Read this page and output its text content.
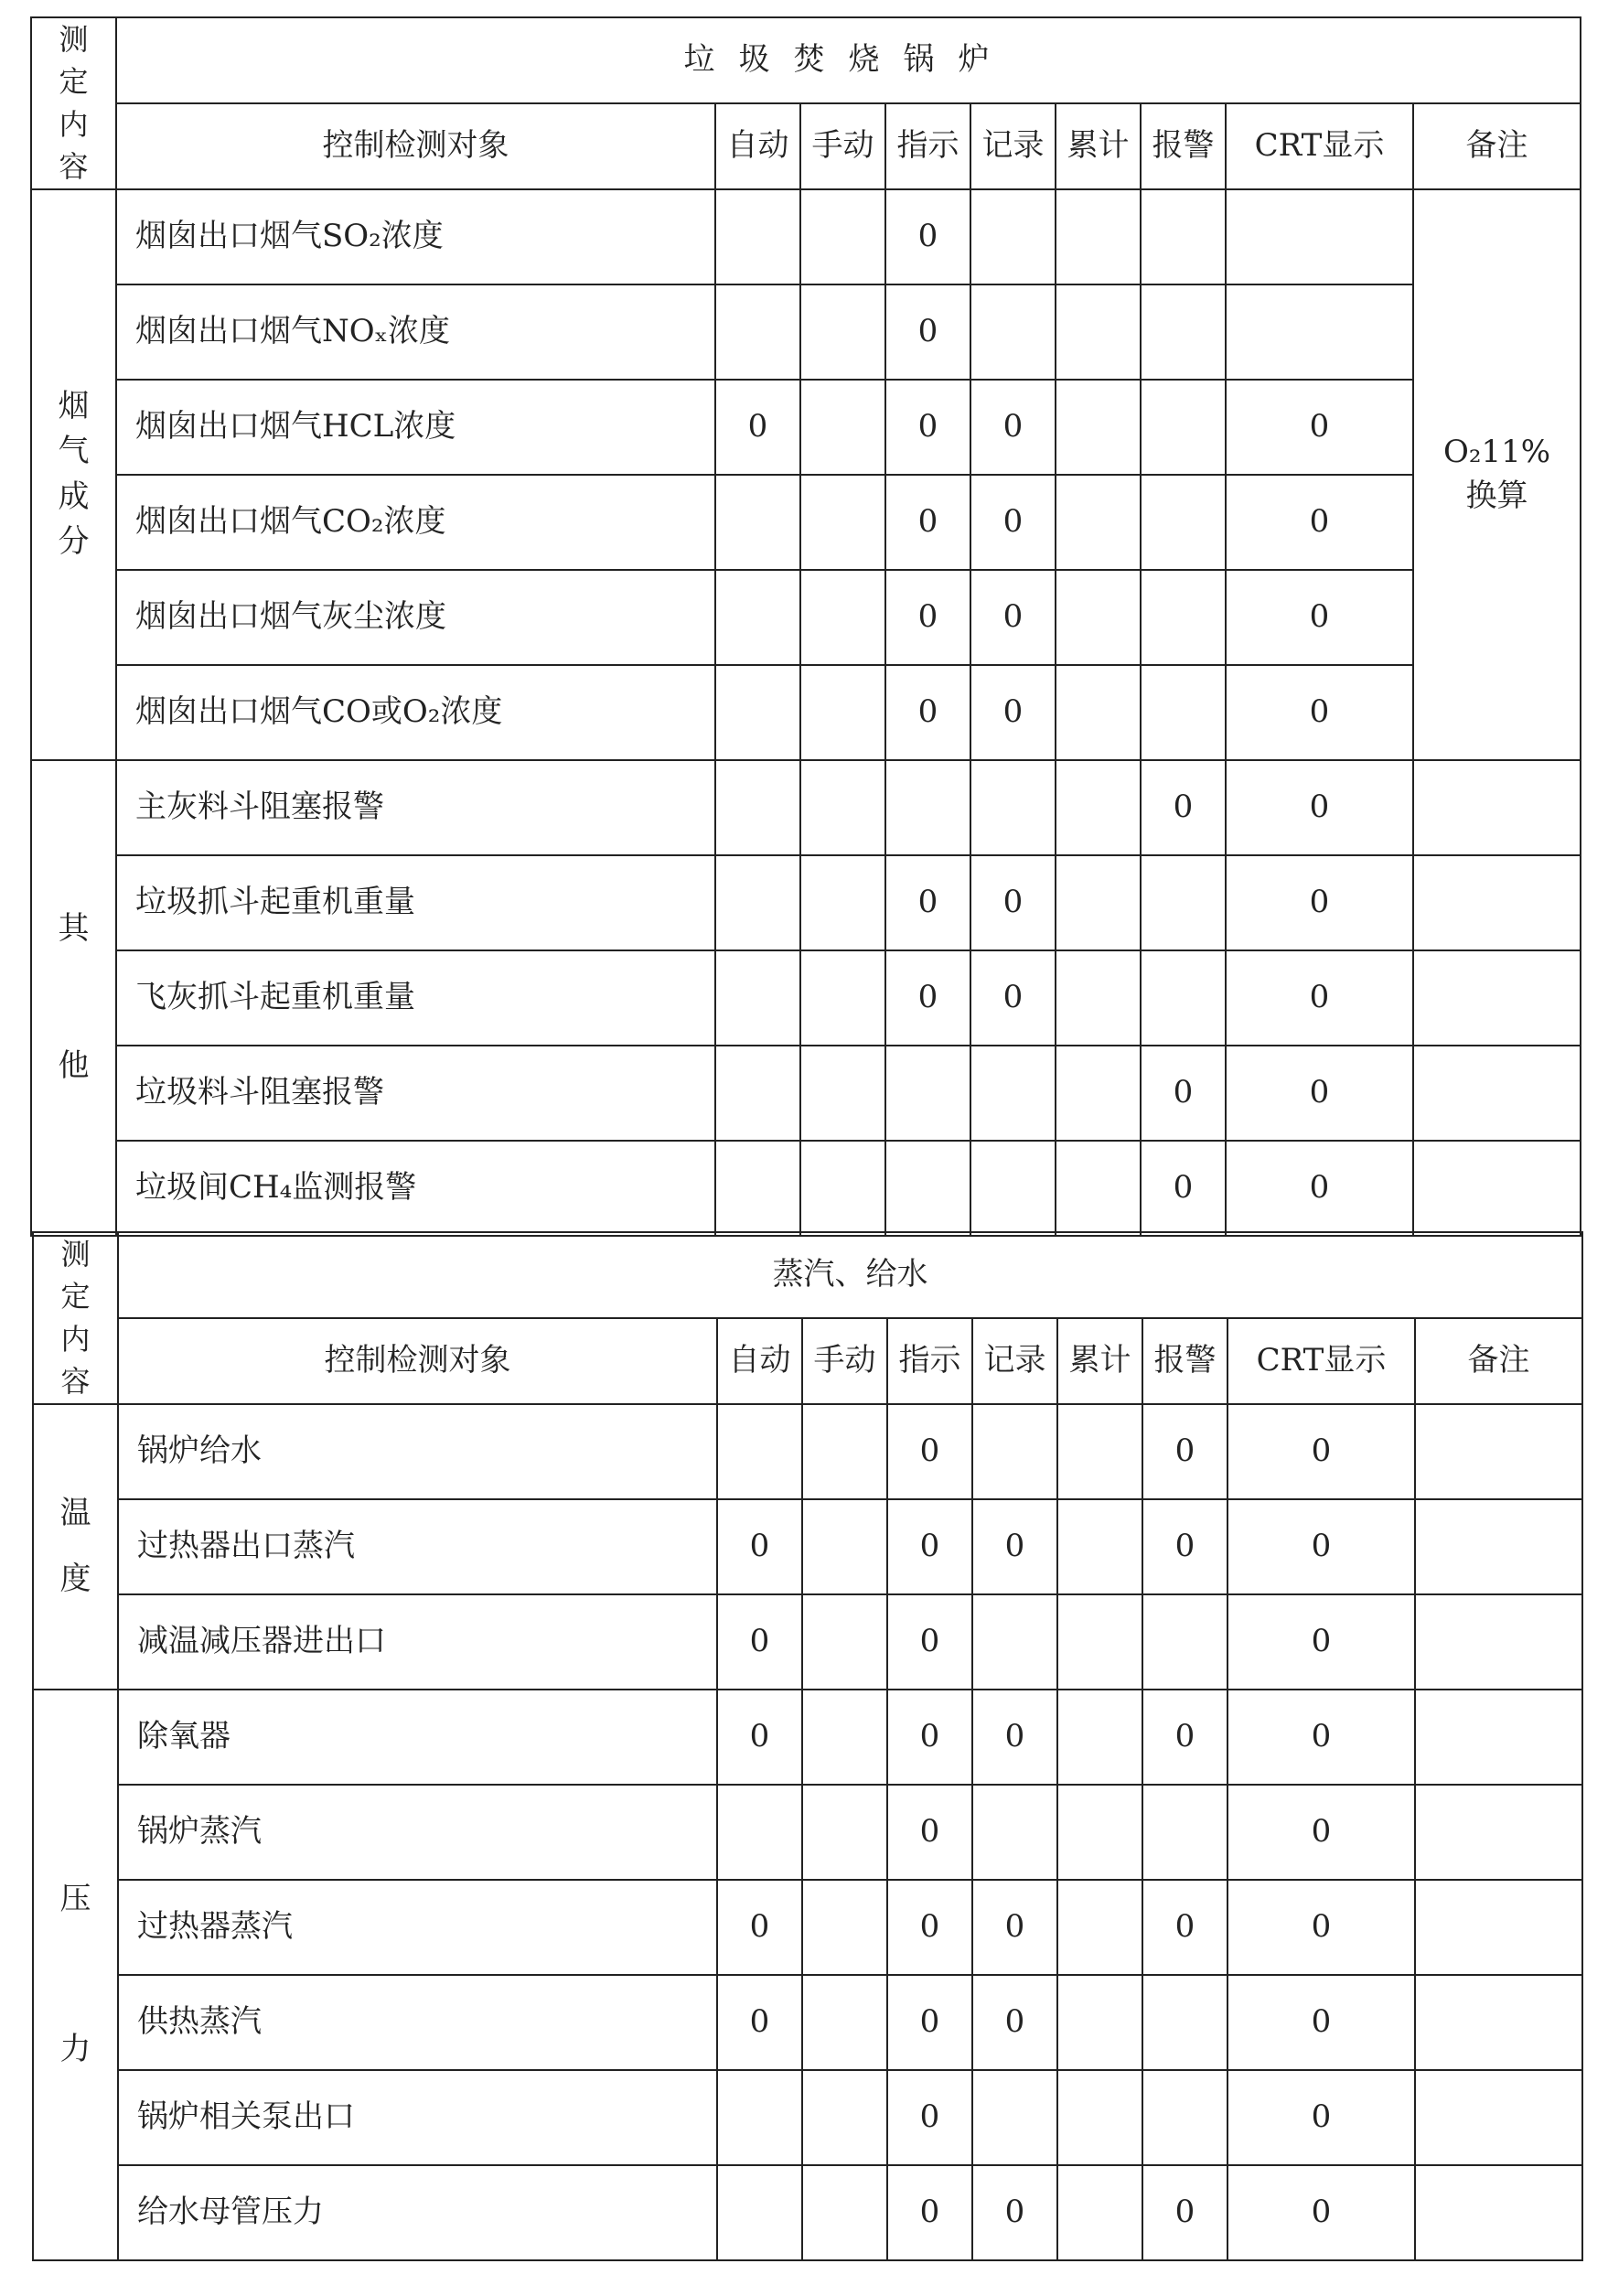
测定内容	垃圾焚烧锅炉								
	控制检测对象	自动	手动	指示	记录	累计	报警	CRT显示	备注
烟气成分	烟囱出口烟气SO₂浓度			0					O₂11%换算
	烟囱出口烟气NOₓ浓度			0					
	烟囱出口烟气HCL浓度	0		0	0			0	
	烟囱出口烟气CO₂浓度			0	0			0	
	烟囱出口烟气灰尘浓度			0	0			0	
	烟囱出口烟气CO或O₂浓度			0	0			0	
其他	主灰料斗阻塞报警						0	0	
	垃圾抓斗起重机重量			0	0			0	
	飞灰抓斗起重机重量			0	0			0	
	垃圾料斗阻塞报警						0	0	
	垃圾间CH₄监测报警						0	0	
测定内容	蒸汽、给水								
	控制检测对象	自动	手动	指示	记录	累计	报警	CRT显示	备注
温度	锅炉给水			0			0	0	
	过热器出口蒸汽	0		0	0		0	0	
	减温减压器进出口	0		0				0	
压力	除氧器	0		0	0		0	0	
	锅炉蒸汽			0				0	
	过热器蒸汽	0		0	0		0	0	
	供热蒸汽	0		0	0			0	
	锅炉相关泵出口			0				0	
	给水母管压力			0	0		0	0	
